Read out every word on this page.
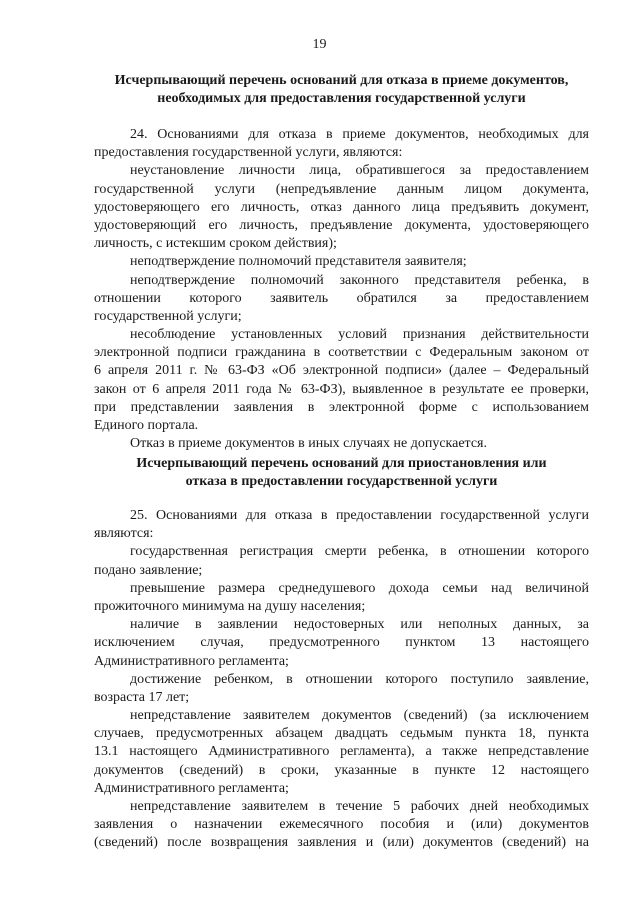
19
Исчерпывающий перечень оснований для отказа в приеме документов,
необходимых для предоставления государственной услуги
24. Основаниями для отказа в приеме документов, необходимых для
предоставления государственной услуги, являются:
неустановление личности лица, обратившегося за предоставлением
государственной услуги (непредъявление данным лицом документа,
удостоверяющего его личность, отказ данного лица предъявить документ,
удостоверяющий его личность, предъявление документа, удостоверяющего
личность, с истекшим сроком действия);
неподтверждение полномочий представителя заявителя;
неподтверждение полномочий законного представителя ребенка, в
отношении которого заявитель обратился за предоставлением
государственной услуги;
несоблюдение установленных условий признания действительности
электронной подписи гражданина в соответствии с Федеральным законом от
6 апреля 2011 г. № 63-ФЗ «Об электронной подписи» (далее – Федеральный
закон от 6 апреля 2011 года № 63-ФЗ), выявленное в результате ее проверки,
при представлении заявления в электронной форме с использованием
Единого портала.
Отказ в приеме документов в иных случаях не допускается.
Исчерпывающий перечень оснований для приостановления или
отказа в предоставлении государственной услуги
25. Основаниями для отказа в предоставлении государственной услуги
являются:
государственная регистрация смерти ребенка, в отношении которого
подано заявление;
превышение размера среднедушевого дохода семьи над величиной
прожиточного минимума на душу населения;
наличие в заявлении недостоверных или неполных данных, за
исключением случая, предусмотренного пунктом 13 настоящего
Административного регламента;
достижение ребенком, в отношении которого поступило заявление,
возраста 17 лет;
непредставление заявителем документов (сведений) (за исключением
случаев, предусмотренных абзацем двадцать седьмым пункта 18, пункта
13.1 настоящего Административного регламента), а также непредставление
документов (сведений) в сроки, указанные в пункте 12 настоящего
Административного регламента;
непредставление заявителем в течение 5 рабочих дней необходимых
заявления о назначении ежемесячного пособия и (или) документов
(сведений) после возвращения заявления и (или) документов (сведений) на
